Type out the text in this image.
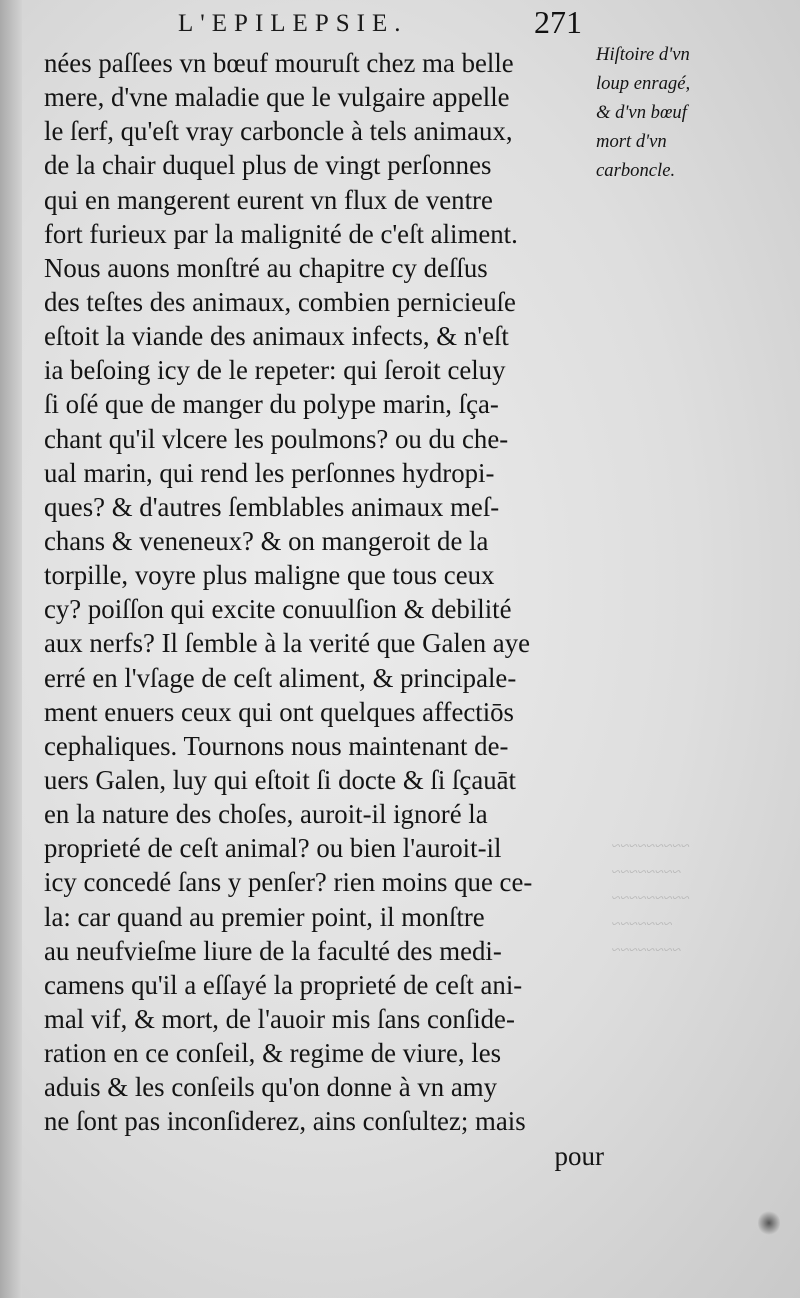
L'EPILEPSIE.	271
nées paſſees vn bœuf mouruſt chez ma belle
mere, d'vne maladie que le vulgaire appelle
le ſerf, qu'eſt vray carboncle à tels animaux,
de la chair duquel plus de vingt perſonnes
qui en mangerent eurent vn flux de ventre
fort furieux par la malignité de c'eſt aliment.
Nous auons monſtré au chapitre cy deſſus
des teſtes des animaux, combien pernicieuſe
eſtoit la viande des animaux infects, & n'eſt
ia beſoing icy de le repeter: qui ſeroit celuy
ſi oſé que de manger du polype marin, ſça-
chant qu'il vlcere les poulmons? ou du che-
ual marin, qui rend les perſonnes hydropi-
ques? & d'autres ſemblables animaux meſ-
chans & veneneux? & on mangeroit de la
torpille, voyre plus maligne que tous ceux
cy? poiſſon qui excite conuulſion & debilité
aux nerfs? Il ſemble à la verité que Galen aye
erré en l'vſage de ceſt aliment, & principale-
ment enuers ceux qui ont quelques affectiōs
cephaliques. Tournons nous maintenant de-
uers Galen, luy qui eſtoit ſi docte & ſi ſçauāt
en la nature des choſes, auroit-il ignoré la
proprieté de ceſt animal? ou bien l'auroit-il
icy concedé ſans y penſer? rien moins que ce-
la: car quand au premier point, il monſtre
au neufvieſme liure de la faculté des medi-
camens qu'il a eſſayé la proprieté de ceſt ani-
mal vif, & mort, de l'auoir mis ſans conſide-
ration en ce conſeil, & regime de viure, les
aduis & les conſeils qu'on donne à vn amy
ne ſont pas inconſiderez, ains conſultez; mais
pour
Hiſtoire d'vn
loup enragé,
& d'vn bœuf
mort d'vn
carboncle.
~~~~~~~~~
~~~~~~~~
~~~~~~~~~
~~~~~~~
~~~~~~~~
